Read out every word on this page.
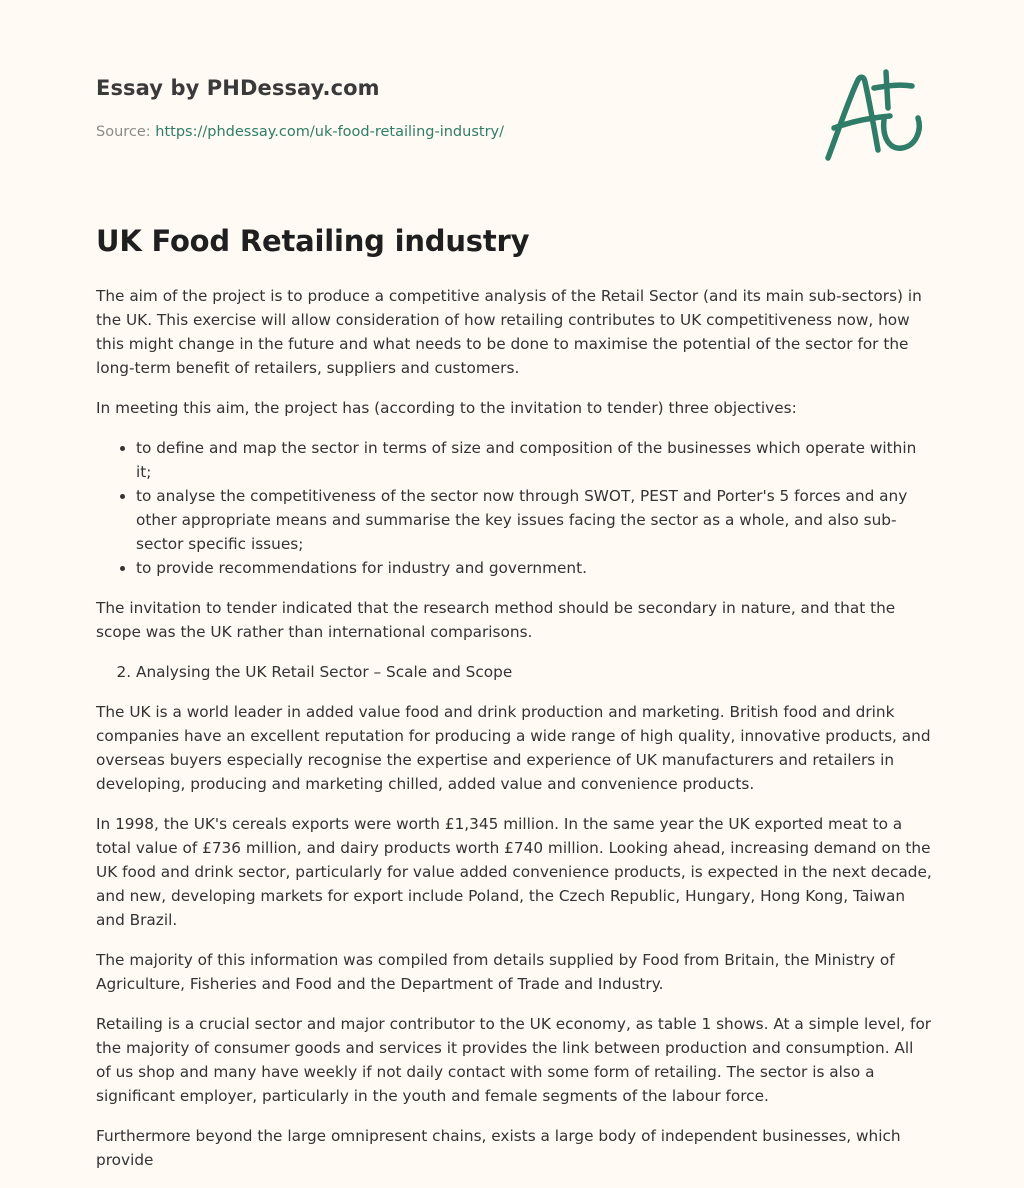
Essay by PHDessay.com
Source: https://phdessay.com/uk-food-retailing-industry/
UK Food Retailing industry

The aim of the project is to produce a competitive analysis of the Retail Sector (and its main sub-sectors) in the UK. This exercise will allow consideration of how retailing contributes to UK competitiveness now, how this might change in the future and what needs to be done to maximise the potential of the sector for the long-term benefit of retailers, suppliers and customers.

In meeting this aim, the project has (according to the invitation to tender) three objectives:

• to define and map the sector in terms of size and composition of the businesses which operate within it;
• to analyse the competitiveness of the sector now through SWOT, PEST and Porter's 5 forces and any other appropriate means and summarise the key issues facing the sector as a whole, and also sub-sector specific issues;
• to provide recommendations for industry and government.

The invitation to tender indicated that the research method should be secondary in nature, and that the scope was the UK rather than international comparisons.

2. Analysing the UK Retail Sector – Scale and Scope

The UK is a world leader in added value food and drink production and marketing. British food and drink companies have an excellent reputation for producing a wide range of high quality, innovative products, and overseas buyers especially recognise the expertise and experience of UK manufacturers and retailers in developing, producing and marketing chilled, added value and convenience products.

In 1998, the UK's cereals exports were worth £1,345 million. In the same year the UK exported meat to a total value of £736 million, and dairy products worth £740 million. Looking ahead, increasing demand on the UK food and drink sector, particularly for value added convenience products, is expected in the next decade, and new, developing markets for export include Poland, the Czech Republic, Hungary, Hong Kong, Taiwan and Brazil.

The majority of this information was compiled from details supplied by Food from Britain, the Ministry of Agriculture, Fisheries and Food and the Department of Trade and Industry.

Retailing is a crucial sector and major contributor to the UK economy, as table 1 shows. At a simple level, for the majority of consumer goods and services it provides the link between production and consumption. All of us shop and many have weekly if not daily contact with some form of retailing. The sector is also a significant employer, particularly in the youth and female segments of the labour force.

Furthermore beyond the large omnipresent chains, exists a large body of independent businesses, which provide
